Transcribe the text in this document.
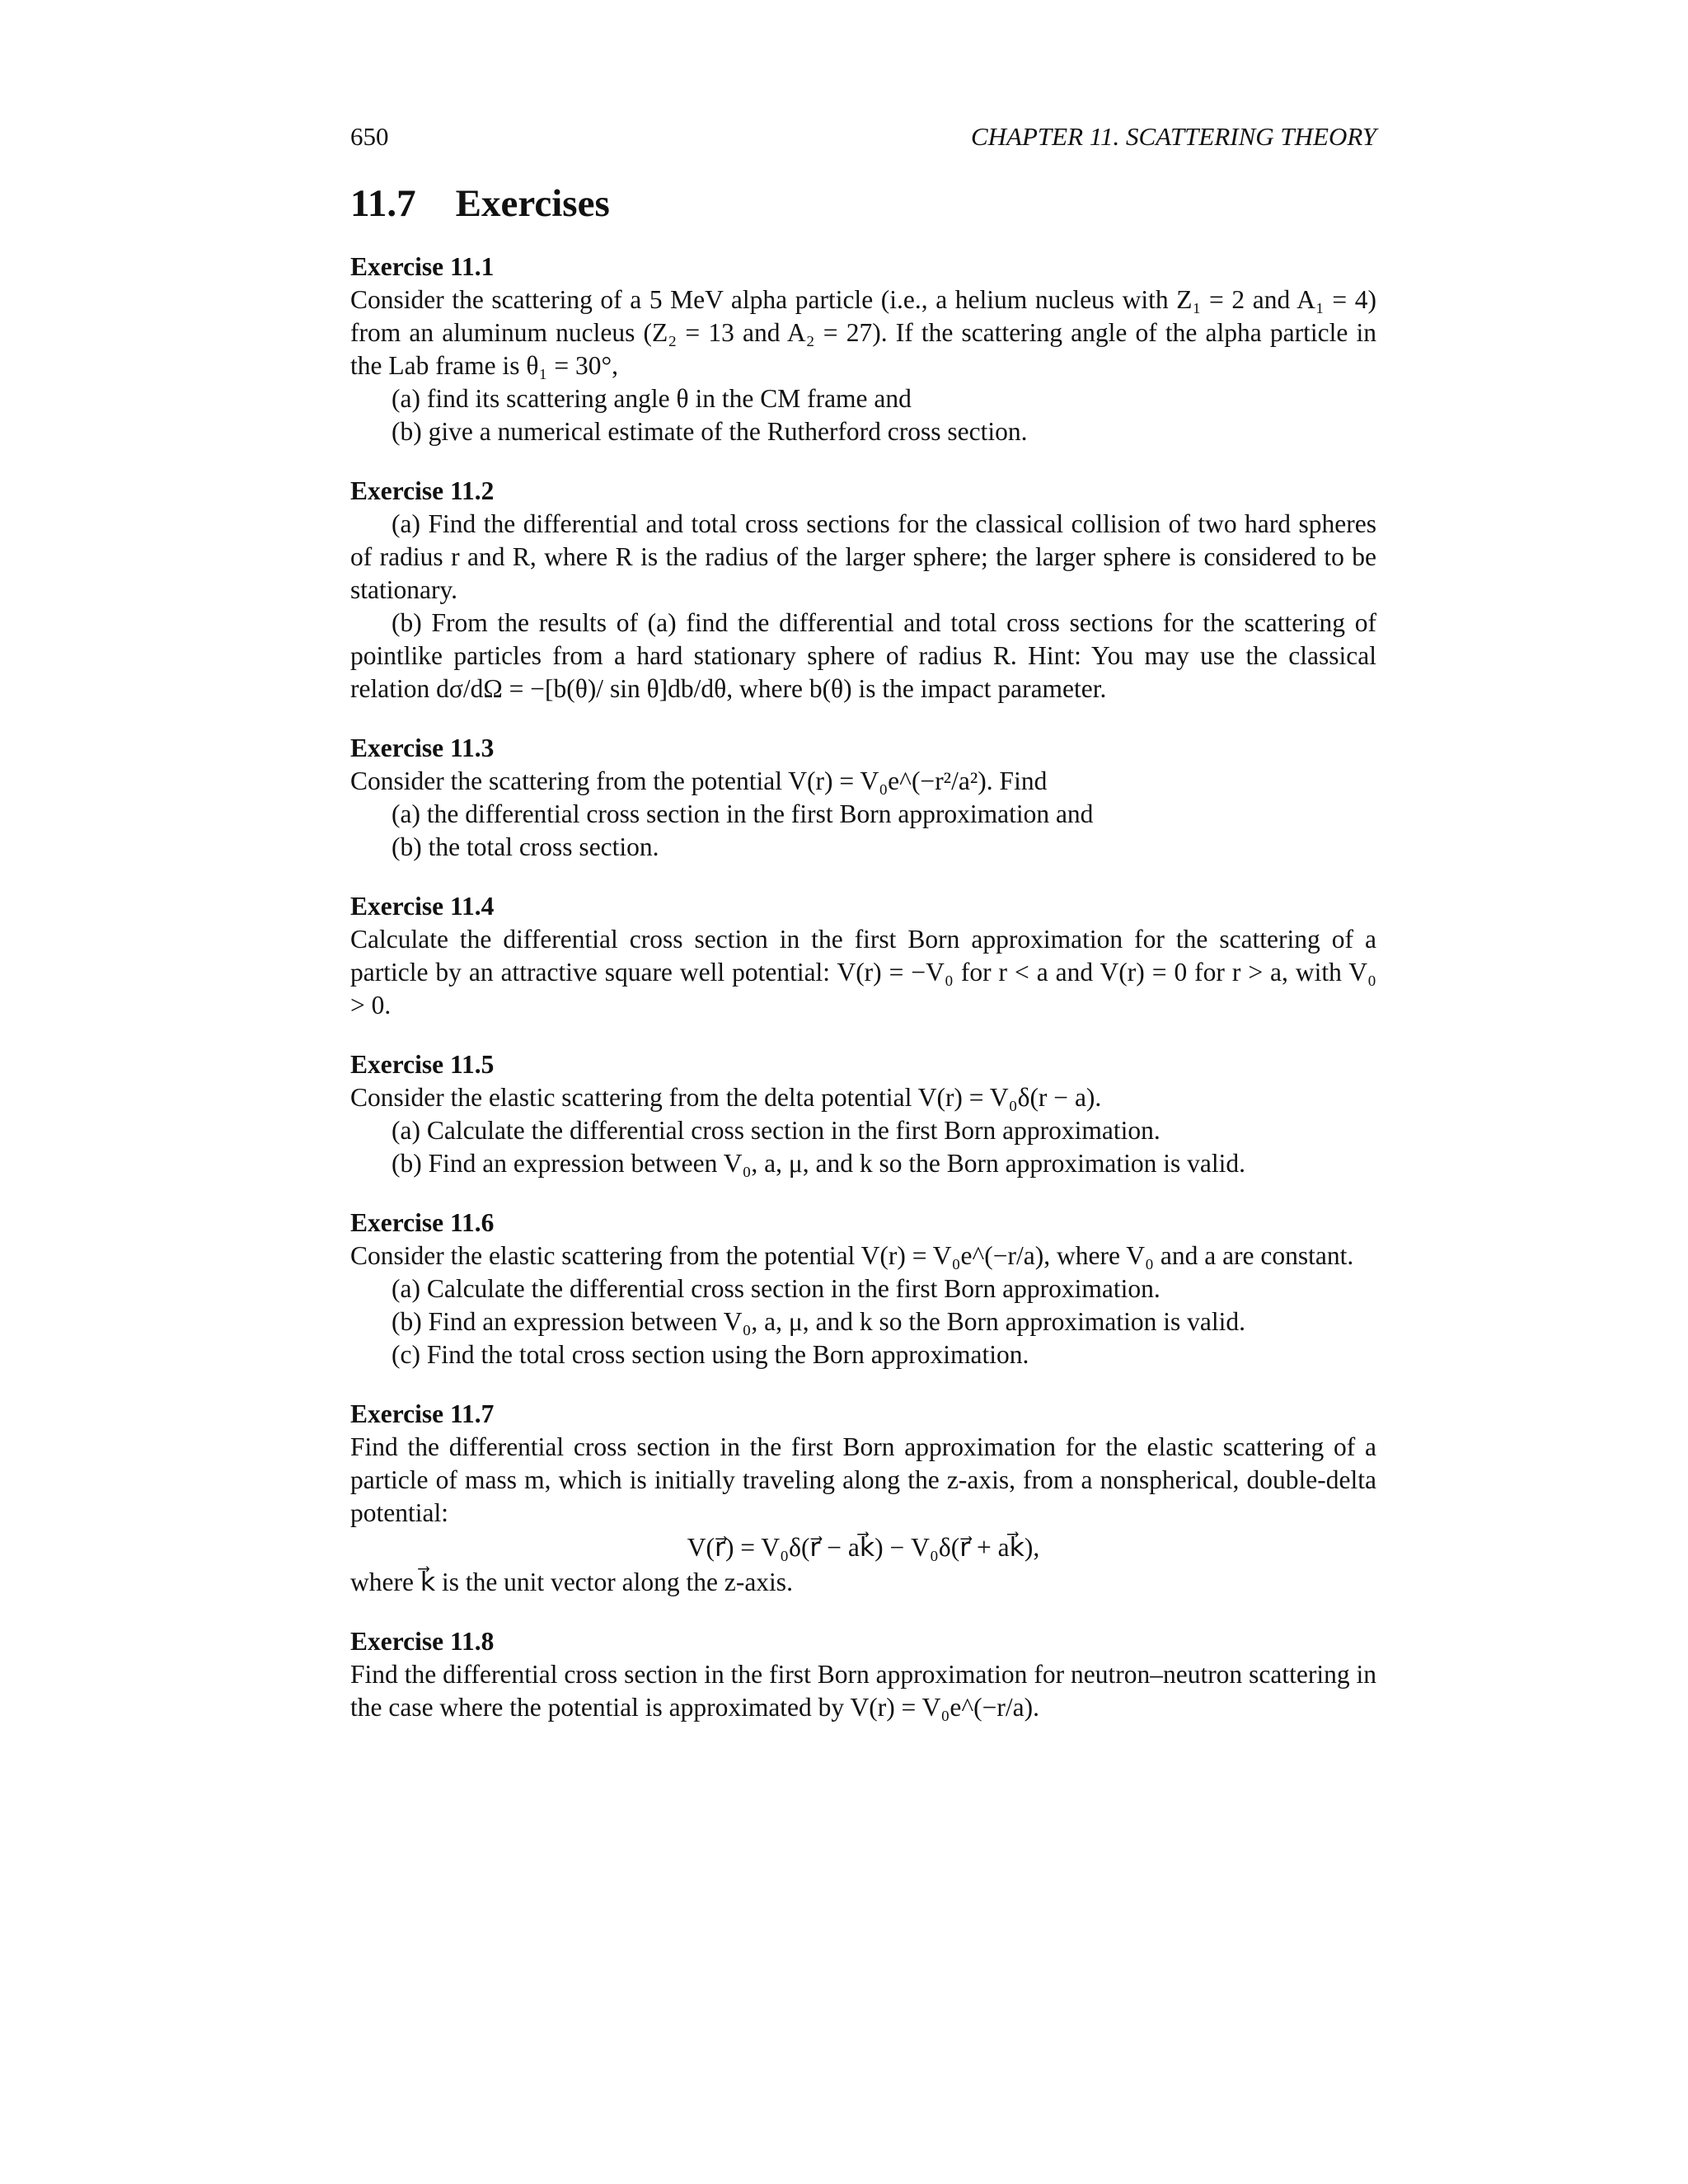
650	CHAPTER 11. SCATTERING THEORY
11.7 Exercises
Exercise 11.1
Consider the scattering of a 5 MeV alpha particle (i.e., a helium nucleus with Z₁ = 2 and A₁ = 4) from an aluminum nucleus (Z₂ = 13 and A₂ = 27). If the scattering angle of the alpha particle in the Lab frame is θ₁ = 30°,
(a) find its scattering angle θ in the CM frame and
(b) give a numerical estimate of the Rutherford cross section.
Exercise 11.2
(a) Find the differential and total cross sections for the classical collision of two hard spheres of radius r and R, where R is the radius of the larger sphere; the larger sphere is considered to be stationary.
(b) From the results of (a) find the differential and total cross sections for the scattering of pointlike particles from a hard stationary sphere of radius R. Hint: You may use the classical relation dσ/dΩ = −[b(θ)/ sin θ]db/dθ, where b(θ) is the impact parameter.
Exercise 11.3
Consider the scattering from the potential V(r) = V₀e^(−r²/a²). Find
(a) the differential cross section in the first Born approximation and
(b) the total cross section.
Exercise 11.4
Calculate the differential cross section in the first Born approximation for the scattering of a particle by an attractive square well potential: V(r) = −V₀ for r < a and V(r) = 0 for r > a, with V₀ > 0.
Exercise 11.5
Consider the elastic scattering from the delta potential V(r) = V₀δ(r − a).
(a) Calculate the differential cross section in the first Born approximation.
(b) Find an expression between V₀, a, μ, and k so the Born approximation is valid.
Exercise 11.6
Consider the elastic scattering from the potential V(r) = V₀e^(−r/a), where V₀ and a are constant.
(a) Calculate the differential cross section in the first Born approximation.
(b) Find an expression between V₀, a, μ, and k so the Born approximation is valid.
(c) Find the total cross section using the Born approximation.
Exercise 11.7
Find the differential cross section in the first Born approximation for the elastic scattering of a particle of mass m, which is initially traveling along the z-axis, from a nonspherical, double-delta potential:
V(r⃗) = V₀δ(r⃗ − ak⃗) − V₀δ(r⃗ + ak⃗),
where k⃗ is the unit vector along the z-axis.
Exercise 11.8
Find the differential cross section in the first Born approximation for neutron–neutron scattering in the case where the potential is approximated by V(r) = V₀e^(−r/a).
